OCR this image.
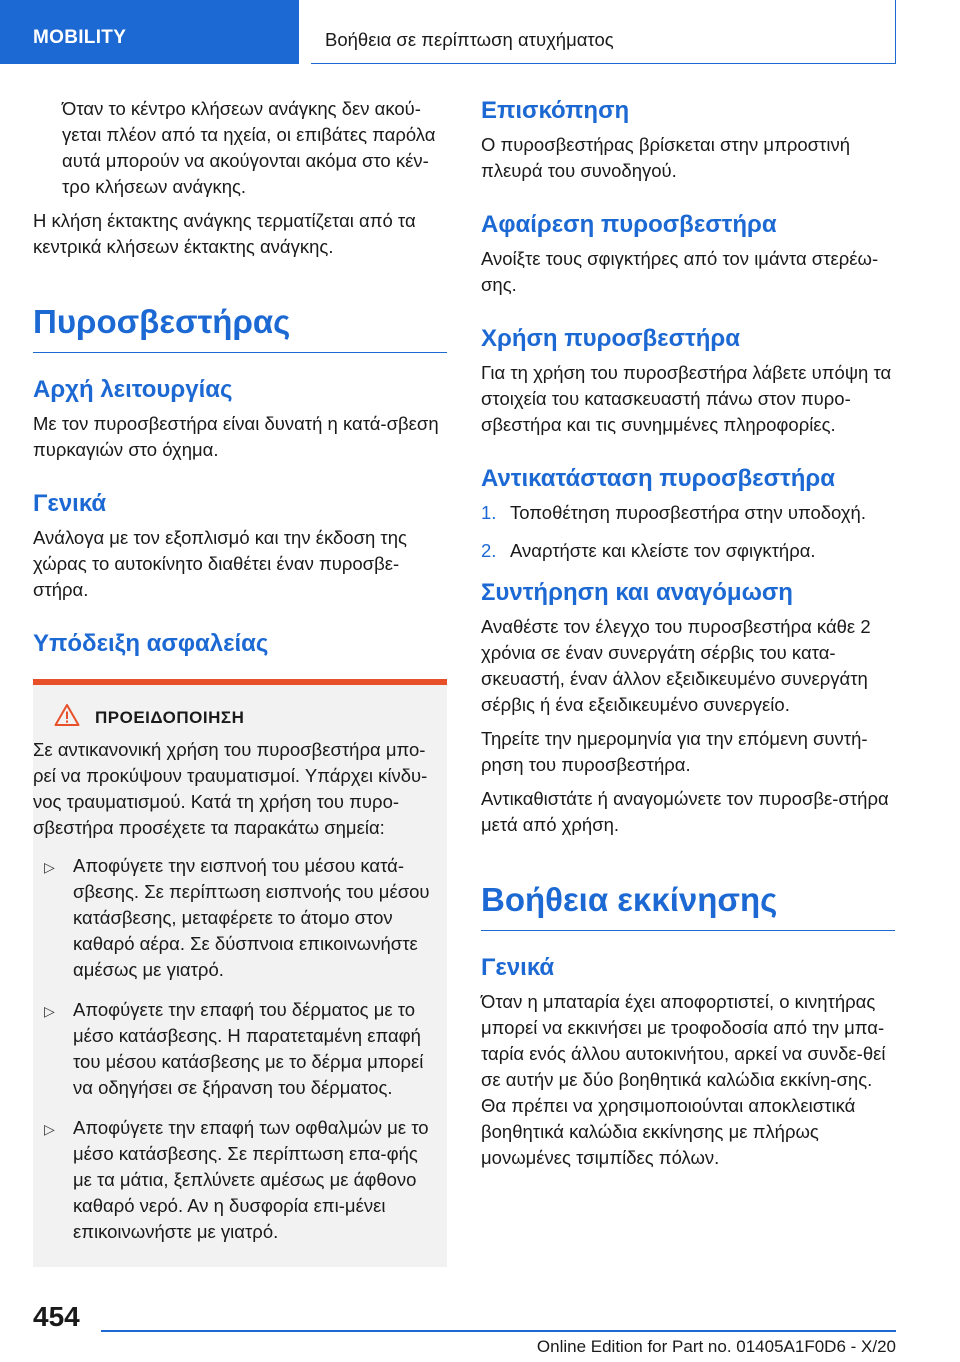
MOBILITY	Βοήθεια σε περίπτωση ατυχήματος

Όταν το κέντρο κλήσεων ανάγκης δεν ακού-γεται πλέον από τα ηχεία, οι επιβάτες παρόλα αυτά μπορούν να ακούγονται ακόμα στο κέν-τρο κλήσεων ανάγκης.

Η κλήση έκτακτης ανάγκης τερματίζεται από τα κεντρικά κλήσεων έκτακτης ανάγκης.

Πυροσβεστήρας
Αρχή λειτουργίας

Με τον πυροσβεστήρα είναι δυνατή η κατά-σβεση πυρκαγιών στο όχημα.

Γενικά

Ανάλογα με τον εξοπλισμό και την έκδοση της χώρας το αυτοκίνητο διαθέτει έναν πυροσβε-στήρα.

Υπόδειξη ασφαλείας
ΠΡΟΕΙΔΟΠΟΙΗΣΗ

Σε αντικανονική χρήση του πυροσβεστήρα μπο-ρεί να προκύψουν τραυματισμοί. Υπάρχει κίνδυ-νος τραυματισμού. Κατά τη χρήση του πυρο-σβεστήρα προσέχετε τα παρακάτω σημεία:

▷ Αποφύγετε την εισπνοή του μέσου κατά-σβεσης. Σε περίπτωση εισπνοής του μέσου κατάσβεσης, μεταφέρετε το άτομο στον καθαρό αέρα. Σε δύσπνοια επικοινωνήστε αμέσως με γιατρό.
▷ Αποφύγετε την επαφή του δέρματος με το μέσο κατάσβεσης. Η παρατεταμένη επαφή του μέσου κατάσβεσης με το δέρμα μπορεί να οδηγήσει σε ξήρανση του δέρματος.
▷ Αποφύγετε την επαφή των οφθαλμών με το μέσο κατάσβεσης. Σε περίπτωση επα-φής με τα μάτια, ξεπλύνετε αμέσως με άφθονο καθαρό νερό. Αν η δυσφορία επι-μένει επικοινωνήστε με γιατρό.
Επισκόπηση

Ο πυροσβεστήρας βρίσκεται στην μπροστινή πλευρά του συνοδηγού.

Αφαίρεση πυροσβεστήρα

Ανοίξτε τους σφιγκτήρες από τον ιμάντα στερέω-σης.

Χρήση πυροσβεστήρα

Για τη χρήση του πυροσβεστήρα λάβετε υπόψη τα στοιχεία του κατασκευαστή πάνω στον πυρο-σβεστήρα και τις συνημμένες πληροφορίες.

Αντικατάσταση πυροσβεστήρα
1. Τοποθέτηση πυροσβεστήρα στην υποδοχή.
2. Αναρτήστε και κλείστε τον σφιγκτήρα.
Συντήρηση και αναγόμωση

Αναθέστε τον έλεγχο του πυροσβεστήρα κάθε 2 χρόνια σε έναν συνεργάτη σέρβις του κατα-σκευαστή, έναν άλλον εξειδικευμένο συνεργάτη σέρβις ή ένα εξειδικευμένο συνεργείο.

Τηρείτε την ημερομηνία για την επόμενη συντή-ρηση του πυροσβεστήρα.

Αντικαθιστάτε ή αναγομώνετε τον πυροσβε-στήρα μετά από χρήση.

Βοήθεια εκκίνησης
Γενικά

Όταν η μπαταρία έχει αποφορτιστεί, ο κινητήρας μπορεί να εκκινήσει με τροφοδοσία από την μπα-ταρία ενός άλλου αυτοκινήτου, αρκεί να συνδε-θεί σε αυτήν με δύο βοηθητικά καλώδια εκκίνη-σης. Θα πρέπει να χρησιμοποιούνται αποκλειστικά βοηθητικά καλώδια εκκίνησης με πλήρως μονωμένες τσιμπίδες πόλων.

454
Online Edition for Part no. 01405A1F0D6 - X/20
